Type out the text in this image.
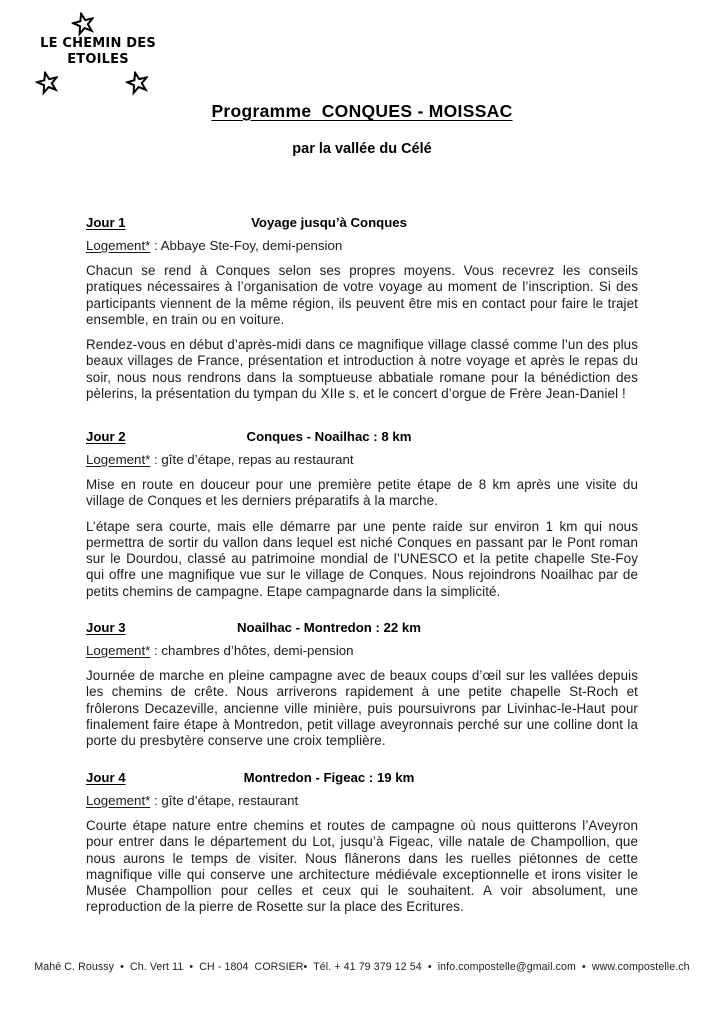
LE CHEMIN DES
ETOILES
Programme  CONQUES - MOISSAC
par la vallée du Célé
Jour 1	Voyage jusqu’à Conques
Logement* : Abbaye Ste-Foy, demi-pension

Chacun se rend à Conques selon ses propres moyens. Vous recevrez les conseils pratiques nécessaires à l’organisation de votre voyage au moment de l’inscription. Si des participants viennent de la même région, ils peuvent être mis en contact pour faire le trajet ensemble, en train ou en voiture.

Rendez-vous en début d’après-midi dans ce magnifique village classé comme l’un des plus beaux villages de France, présentation et introduction à notre voyage et après le repas du soir, nous nous rendrons dans la somptueuse abbatiale romane pour la bénédiction des pèlerins, la présentation du tympan du XIIe s. et le concert d’orgue de Frère Jean-Daniel !

Jour 2	Conques - Noailhac : 8 km
Logement* : gîte d’étape, repas au restaurant

Mise en route en douceur pour une première petite étape de 8 km après une visite du village de Conques et les derniers préparatifs à la marche.

L’étape sera courte, mais elle démarre par une pente raide sur environ 1 km qui nous permettra de sortir du vallon dans lequel est niché Conques en passant par le Pont roman sur le Dourdou, classé au patrimoine mondial de l’UNESCO et la petite chapelle Ste-Foy qui offre une magnifique vue sur le village de Conques. Nous rejoindrons Noailhac par de petits chemins de campagne. Etape campagnarde dans la simplicité.

Jour 3	Noailhac - Montredon : 22 km
Logement* : chambres d’hôtes, demi-pension

Journée de marche en pleine campagne avec de beaux coups d’œil sur les vallées depuis les chemins de crête. Nous arriverons rapidement à une petite chapelle St-Roch et frôlerons Decazeville, ancienne ville minière, puis poursuivrons par Livinhac-le-Haut pour finalement faire étape à Montredon, petit village aveyronnais perché sur une colline dont la porte du presbytère conserve une croix templière.

Jour 4	Montredon - Figeac : 19 km
Logement* : gîte d’étape, restaurant

Courte étape nature entre chemins et routes de campagne où nous quitterons l’Aveyron pour entrer dans le département du Lot, jusqu’à Figeac, ville natale de Champollion, que nous aurons le temps de visiter. Nous flânerons dans les ruelles piétonnes de cette magnifique ville qui conserve une architecture médiévale exceptionnelle et irons visiter le Musée Champollion pour celles et ceux qui le souhaitent. A voir absolument, une reproduction de la pierre de Rosette sur la place des Ecritures.

Mahé C. Roussy  •  Ch. Vert 11  •  CH - 1804  CORSIER•  Tél. + 41 79 379 12 54  •  info.compostelle@gmail.com  •  www.compostelle.ch
